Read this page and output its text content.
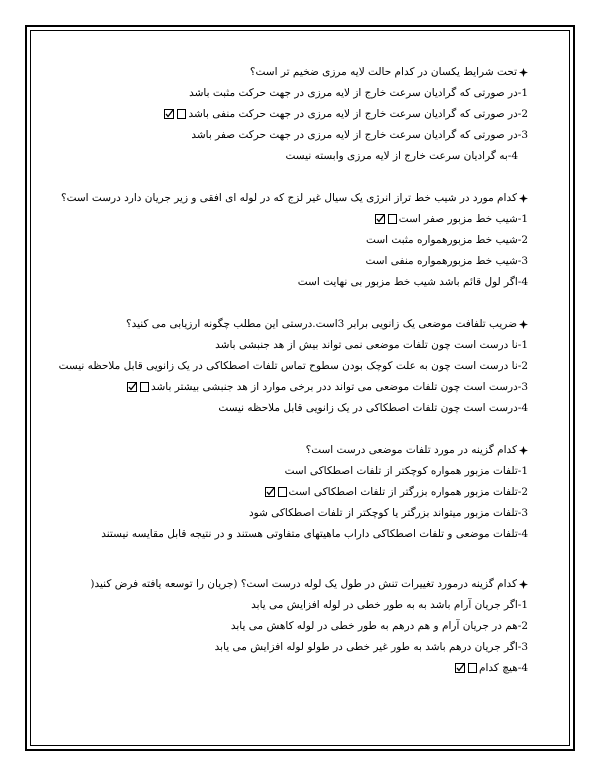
تحت شرایط یکسان در کدام حالت لایه مرزی ضخیم تر است؟
1-در صورتی که گرادیان سرعت خارج از لایه مرزی در جهت حرکت مثبت باشد
2-در صورتی که گرادیان سرعت خارج از لایه مرزی در جهت حرکت منفی باشد
3-در صورتی که گرادیان سرعت خارج از لایه مرزی در جهت حرکت صفر باشد
4-به گرادیان سرعت خارج از لایه مرزی وابسته نیست
کدام مورد در شیب خط تراز انرژی یک سیال غیر لزج که در لوله ای افقی و زیر جریان دارد درست است؟
1-شیب خط مزبور صفر است
2-شیب خط مزبورهمواره مثبت است
3-شیب خط مزبورهمواره منفی است
4-اگر لول قائم باشد شیب خط مزبور بی نهایت است
ضریب تلفافت موضعی یک زانویی برابر 3است.درستی این مطلب چگونه ارزیابی می کنید؟
1-نا درست است چون تلفات موضعی نمی تواند بیش از هد جنبشی باشد
2-نا درست است چون به علت کوچک بودن سطوح تماس تلفات اصطکاکی در یک زانویی قابل ملاحظه نیست
3-درست است چون تلفات موضعی می تواند ددر برخی موارد از هد جنبشی بیشتر باشد
4-درست است چون تلفات اصطکاکی در یک زانویی قابل ملاحظه نیست
کدام گزینه در مورد تلفات موضعی درست است؟
1-تلفات مزبور همواره کوچکتر از تلفات اصطکاکی است
2-تلفات مزبور همواره بزرگتر از تلفات اصطکاکی است
3-تلفات مزبور میتواند بزرگتر یا کوچکتر از تلفات اصطکاکی شود
4-تلفات موضعی و تلفات اصطکاکی داراب ماهیتهای متفاوتی هستند و در نتیجه قابل مقایسه نیستند
کدام گزینه درمورد تغییرات تنش در طول یک لوله درست است؟ (جریان را توسعه یافته فرض کنید(
1-اگر جریان آرام باشد به به طور خطی در لوله افزایش می یابد
2-هم در جریان آرام و هم درهم به طور خطی در لوله کاهش می یابد
3-اگر جریان درهم باشد به طور غیر خطی در طولو لوله افزایش می یابد
4-هیچ کدام
